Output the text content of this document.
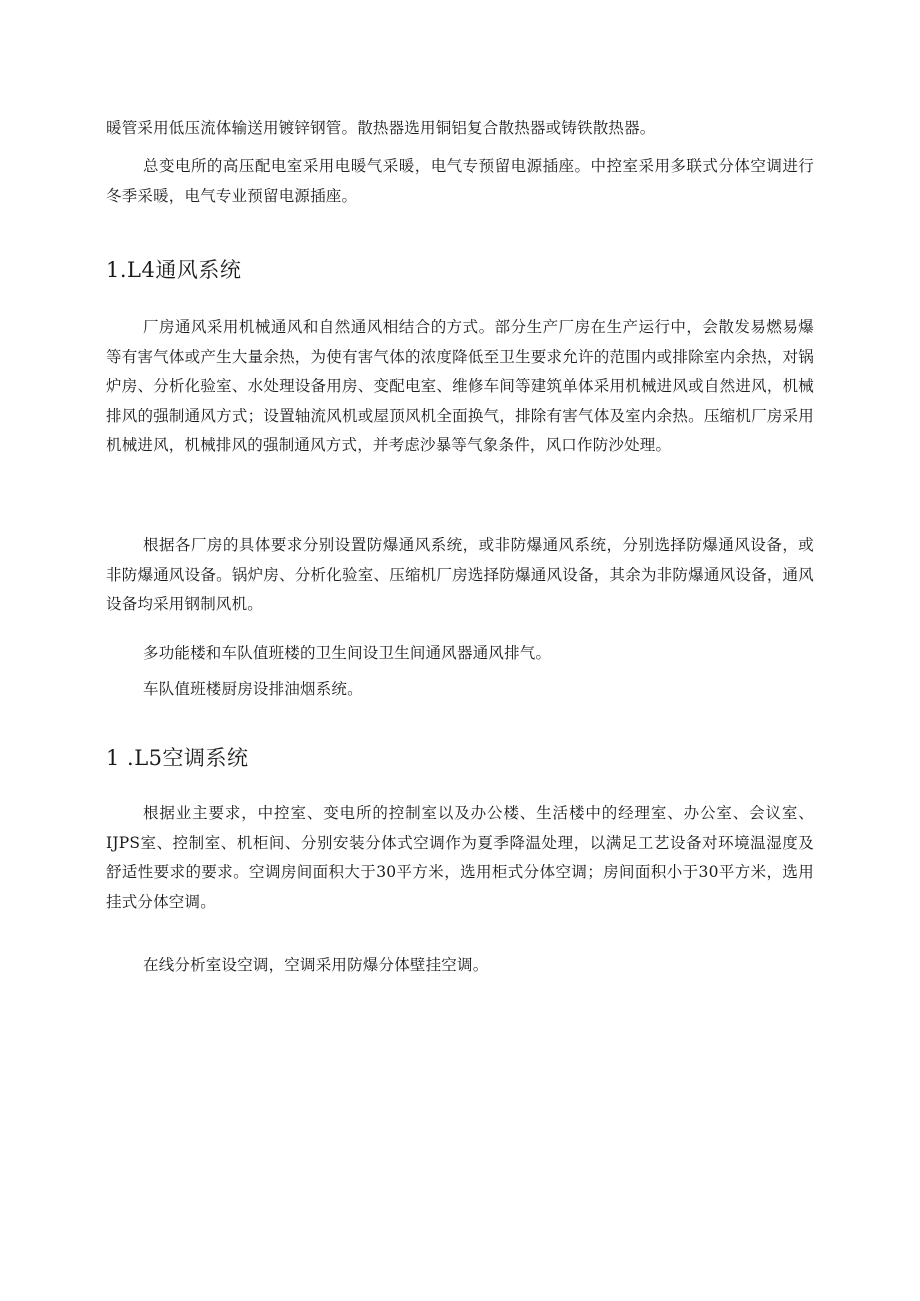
暖管采用低压流体输送用镀锌钢管。散热器选用铜铝复合散热器或铸铁散热器。

总变电所的高压配电室采用电暖气采暖，电气专预留电源插座。中控室采用多联式分体空调进行冬季采暖，电气专业预留电源插座。

1.L4通风系统

厂房通风采用机械通风和自然通风相结合的方式。部分生产厂房在生产运行中，会散发易燃易爆等有害气体或产生大量余热，为使有害气体的浓度降低至卫生要求允许的范围内或排除室内余热，对锅炉房、分析化验室、水处理设备用房、变配电室、维修车间等建筑单体采用机械进风或自然进风，机械排风的强制通风方式；设置轴流风机或屋顶风机全面换气，排除有害气体及室内余热。压缩机厂房采用机械进风，机械排风的强制通风方式，并考虑沙暴等气象条件，风口作防沙处理。

根据各厂房的具体要求分别设置防爆通风系统，或非防爆通风系统，分别选择防爆通风设备，或非防爆通风设备。锅炉房、分析化验室、压缩机厂房选择防爆通风设备，其余为非防爆通风设备，通风设备均采用钢制风机。

多功能楼和车队值班楼的卫生间设卫生间通风器通风排气。

车队值班楼厨房设排油烟系统。

1 .L5空调系统

根据业主要求，中控室、变电所的控制室以及办公楼、生活楼中的经理室、办公室、会议室、IJPS室、控制室、机柜间、分别安装分体式空调作为夏季降温处理，以满足工艺设备对环境温湿度及舒适性要求的要求。空调房间面积大于30平方米，选用柜式分体空调；房间面积小于30平方米，选用挂式分体空调。

在线分析室设空调，空调采用防爆分体壁挂空调。
